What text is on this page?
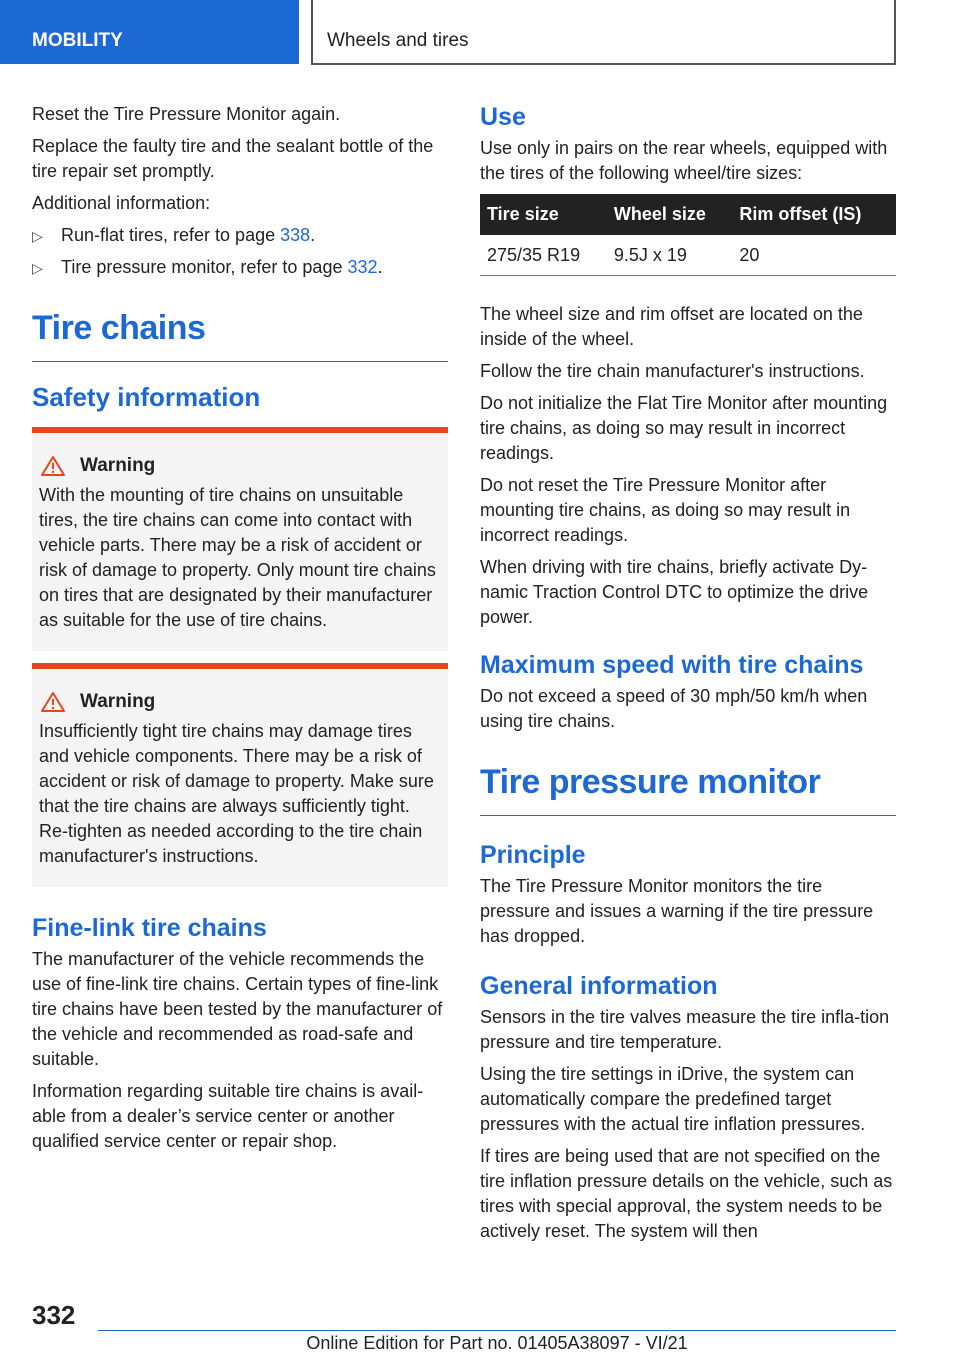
MOBILITY	Wheels and tires

Reset the Tire Pressure Monitor again.

Replace the faulty tire and the sealant bottle of the tire repair set promptly.

Additional information:

▷ Run-flat tires, refer to page 338.
▷ Tire pressure monitor, refer to page 332.
Tire chains
Safety information
Warning

With the mounting of tire chains on unsuitable tires, the tire chains can come into contact with vehicle parts. There may be a risk of accident or risk of damage to property. Only mount tire chains on tires that are designated by their manufacturer as suitable for the use of tire chains.

Warning

Insufficiently tight tire chains may damage tires and vehicle components. There may be a risk of accident or risk of damage to property. Make sure that the tire chains are always sufficiently tight. Re-tighten as needed according to the tire chain manufacturer's instructions.

Fine-link tire chains

The manufacturer of the vehicle recommends the use of fine-link tire chains. Certain types of fine-link tire chains have been tested by the manufacturer of the vehicle and recommended as road-safe and suitable.

Information regarding suitable tire chains is avail‐able from a dealer’s service center or another qualified service center or repair shop.

Use

Use only in pairs on the rear wheels, equipped with the tires of the following wheel/tire sizes:

Tire size	Wheel size	Rim offset (IS)
275/35 R19	9.5J x 19	20

The wheel size and rim offset are located on the inside of the wheel.

Follow the tire chain manufacturer's instructions.

Do not initialize the Flat Tire Monitor after mounting tire chains, as doing so may result in incorrect readings.

Do not reset the Tire Pressure Monitor after mounting tire chains, as doing so may result in incorrect readings.

When driving with tire chains, briefly activate Dy‐namic Traction Control DTC to optimize the drive power.

Maximum speed with tire chains

Do not exceed a speed of 30 mph/50 km/h when using tire chains.

Tire pressure monitor
Principle

The Tire Pressure Monitor monitors the tire pressure and issues a warning if the tire pressure has dropped.

General information

Sensors in the tire valves measure the tire infla‐tion pressure and tire temperature.

Using the tire settings in iDrive, the system can automatically compare the predefined target pressures with the actual tire inflation pressures.

If tires are being used that are not specified on the tire inflation pressure details on the vehicle, such as tires with special approval, the system needs to be actively reset. The system will then

332
Online Edition for Part no. 01405A38097 - VI/21
